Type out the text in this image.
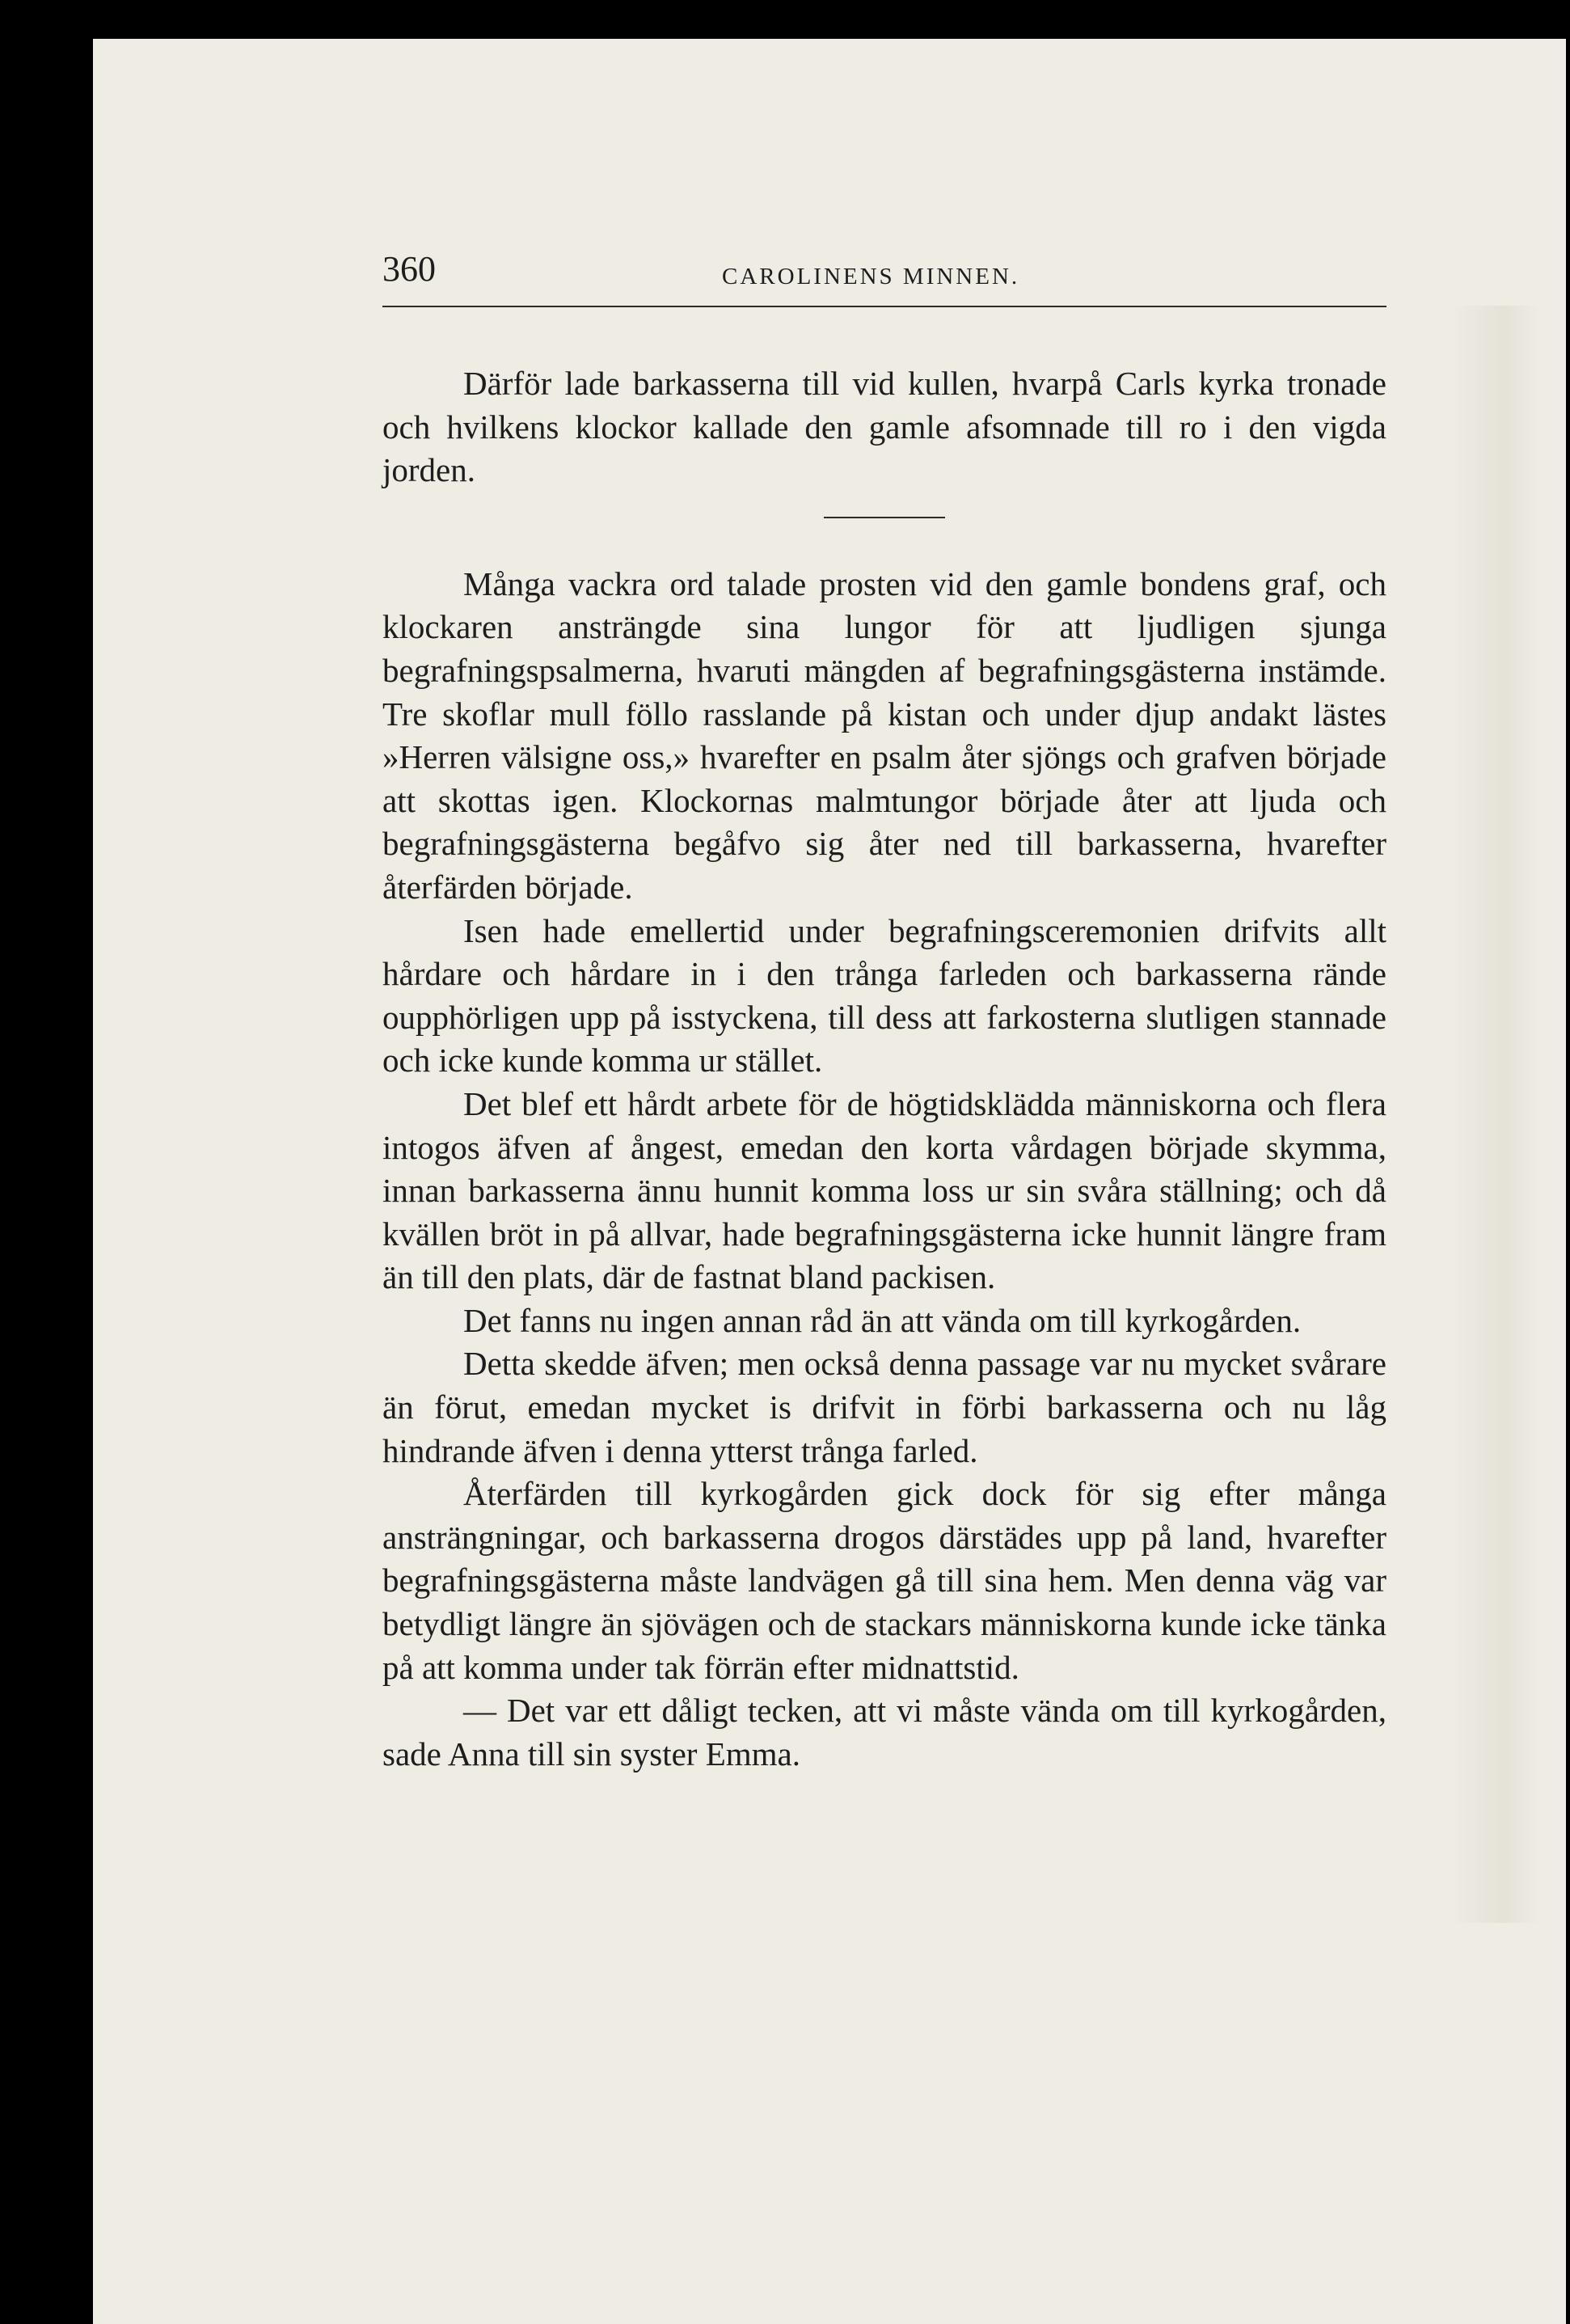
360	CAROLINENS MINNEN.

Därför lade barkasserna till vid kullen, hvarpå Carls kyrka tronade och hvilkens klockor kallade den gamle afsomnade till ro i den vigda jorden.

Många vackra ord talade prosten vid den gamle bondens graf, och klockaren ansträngde sina lungor för att ljudligen sjunga begrafningspsalmerna, hvaruti mängden af begrafningsgästerna instämde. Tre skoflar mull föllo rasslande på kistan och under djup andakt lästes »Herren välsigne oss,» hvarefter en psalm åter sjöngs och grafven började att skottas igen. Klockornas malmtungor började åter att ljuda och begrafningsgästerna begåfvo sig åter ned till barkasserna, hvarefter återfärden började.

Isen hade emellertid under begrafningsceremonien drifvits allt hårdare och hårdare in i den trånga farleden och barkasserna rände oupphörligen upp på isstyckena, till dess att farkosterna slutligen stannade och icke kunde komma ur stället.

Det blef ett hårdt arbete för de högtidsklädda människorna och flera intogos äfven af ångest, emedan den korta vårdagen började skymma, innan barkasserna ännu hunnit komma loss ur sin svåra ställning; och då kvällen bröt in på allvar, hade begrafningsgästerna icke hunnit längre fram än till den plats, där de fastnat bland packisen.

Det fanns nu ingen annan råd än att vända om till kyrkogården.

Detta skedde äfven; men också denna passage var nu mycket svårare än förut, emedan mycket is drifvit in förbi barkasserna och nu låg hindrande äfven i denna ytterst trånga farled.

Återfärden till kyrkogården gick dock för sig efter många ansträngningar, och barkasserna drogos därstädes upp på land, hvarefter begrafningsgästerna måste landvägen gå till sina hem. Men denna väg var betydligt längre än sjövägen och de stackars människorna kunde icke tänka på att komma under tak förrän efter midnattstid.

— Det var ett dåligt tecken, att vi måste vända om till kyrkogården, sade Anna till sin syster Emma.
